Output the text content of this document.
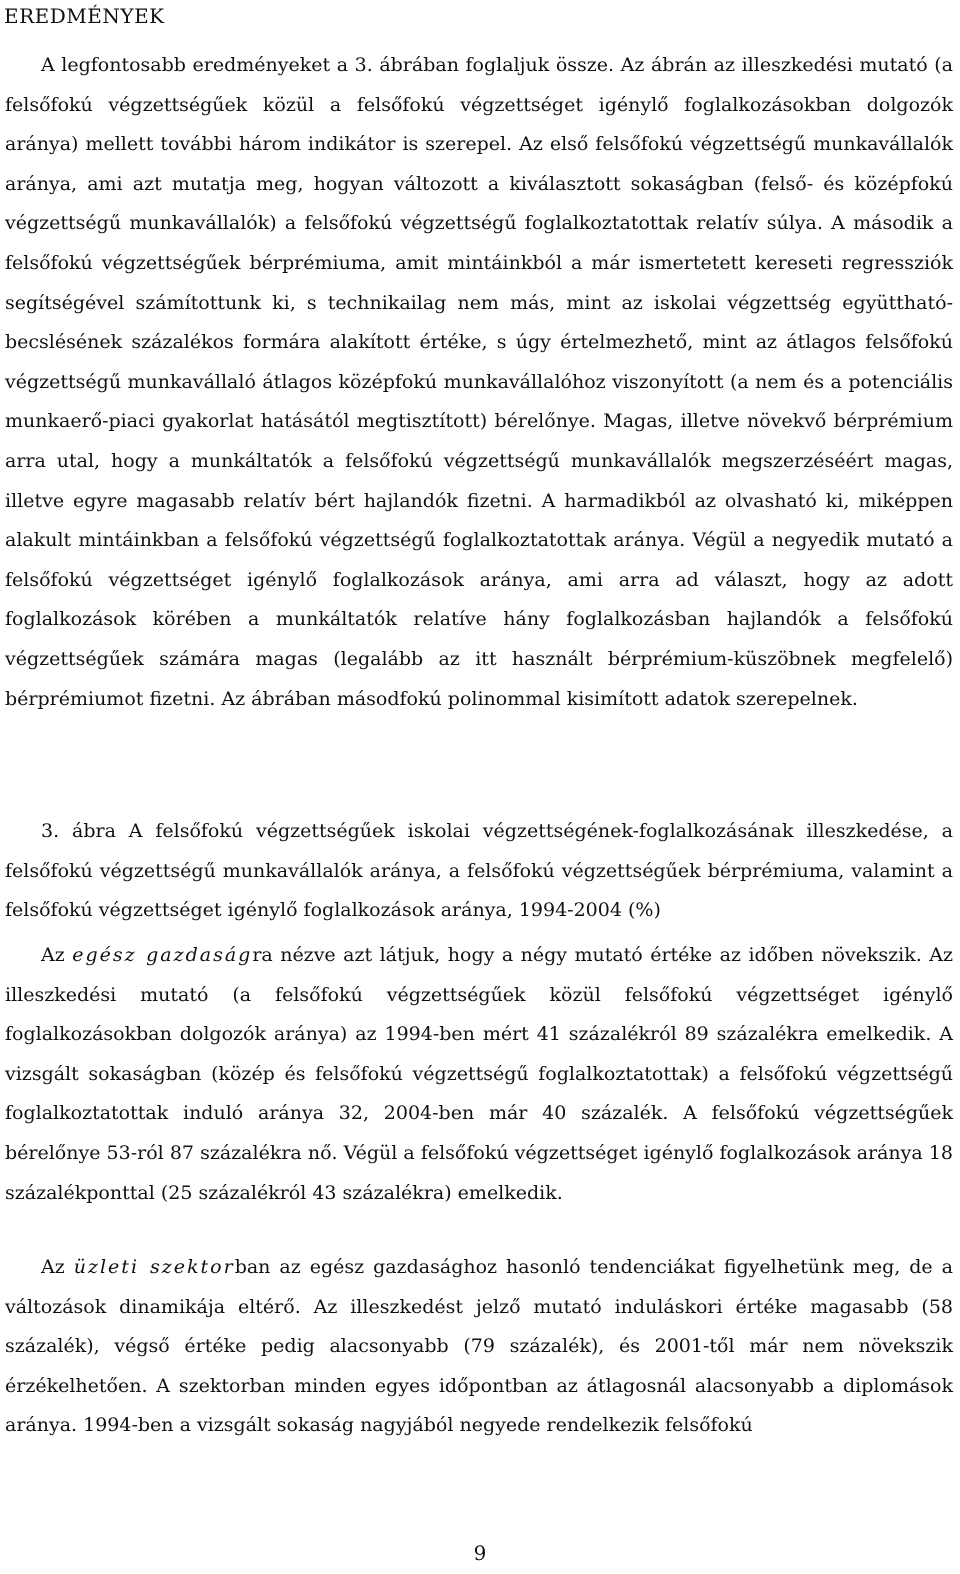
EREDMÉNYEK

A legfontosabb eredményeket a 3. ábrában foglaljuk össze. Az ábrán az illeszkedési mutató (a felsőfokú végzettségűek közül a felsőfokú végzettséget igénylő foglalkozásokban dolgozók aránya) mellett további három indikátor is szerepel. Az első felsőfokú végzettségű munkavállalók aránya, ami azt mutatja meg, hogyan változott a kiválasztott sokaságban (felső- és középfokú végzettségű munkavállalók) a felsőfokú végzettségű foglalkoztatottak relatív súlya. A második a felsőfokú végzettségűek bérprémiuma, amit mintáinkból a már ismertetett kereseti regressziók segítségével számítottunk ki, s technikailag nem más, mint az iskolai végzettség együttható-becslésének százalékos formára alakított értéke, s úgy értelmezhető, mint az átlagos felsőfokú végzettségű munkavállaló átlagos középfokú munkavállalóhoz viszonyított (a nem és a potenciális munkaerő-piaci gyakorlat hatásától megtisztított) bérelőnye. Magas, illetve növekvő bérprémium arra utal, hogy a munkáltatók a felsőfokú végzettségű munkavállalók megszerzéséért magas, illetve egyre magasabb relatív bért hajlandók fizetni. A harmadikból az olvasható ki, miképpen alakult mintáinkban a felsőfokú végzettségű foglalkoztatottak aránya. Végül a negyedik mutató a felsőfokú végzettséget igénylő foglalkozások aránya, ami arra ad választ, hogy az adott foglalkozások körében a munkáltatók relatíve hány foglalkozásban hajlandók a felsőfokú végzettségűek számára magas (legalább az itt használt bérprémium-küszöbnek megfelelő) bérprémiumot fizetni. Az ábrában másodfokú polinommal kisimított adatok szerepelnek.

3. ábra A felsőfokú végzettségűek iskolai végzettségének-foglalkozásának illeszkedése, a felsőfokú végzettségű munkavállalók aránya, a felsőfokú végzettségűek bérprémiuma, valamint a felsőfokú végzettséget igénylő foglalkozások aránya, 1994-2004 (%)

Az egész gazdaságra nézve azt látjuk, hogy a négy mutató értéke az időben növekszik. Az illeszkedési mutató (a felsőfokú végzettségűek közül felsőfokú végzettséget igénylő foglalkozásokban dolgozók aránya) az 1994-ben mért 41 százalékról 89 százalékra emelkedik. A vizsgált sokaságban (közép és felsőfokú végzettségű foglalkoztatottak) a felsőfokú végzettségű foglalkoztatottak induló aránya 32, 2004-ben már 40 százalék. A felsőfokú végzettségűek bérelőnye 53-ról 87 százalékra nő. Végül a felsőfokú végzettséget igénylő foglalkozások aránya 18 százalékponttal (25 százalékról 43 százalékra) emelkedik.

Az üzleti szektorban az egész gazdasághoz hasonló tendenciákat figyelhetünk meg, de a változások dinamikája eltérő. Az illeszkedést jelző mutató induláskori értéke magasabb (58 százalék), végső értéke pedig alacsonyabb (79 százalék), és 2001-től már nem növekszik érzékelhetően. A szektorban minden egyes időpontban az átlagosnál alacsonyabb a diplomások aránya. 1994-ben a vizsgált sokaság nagyjából negyede rendelkezik felsőfokú

9
